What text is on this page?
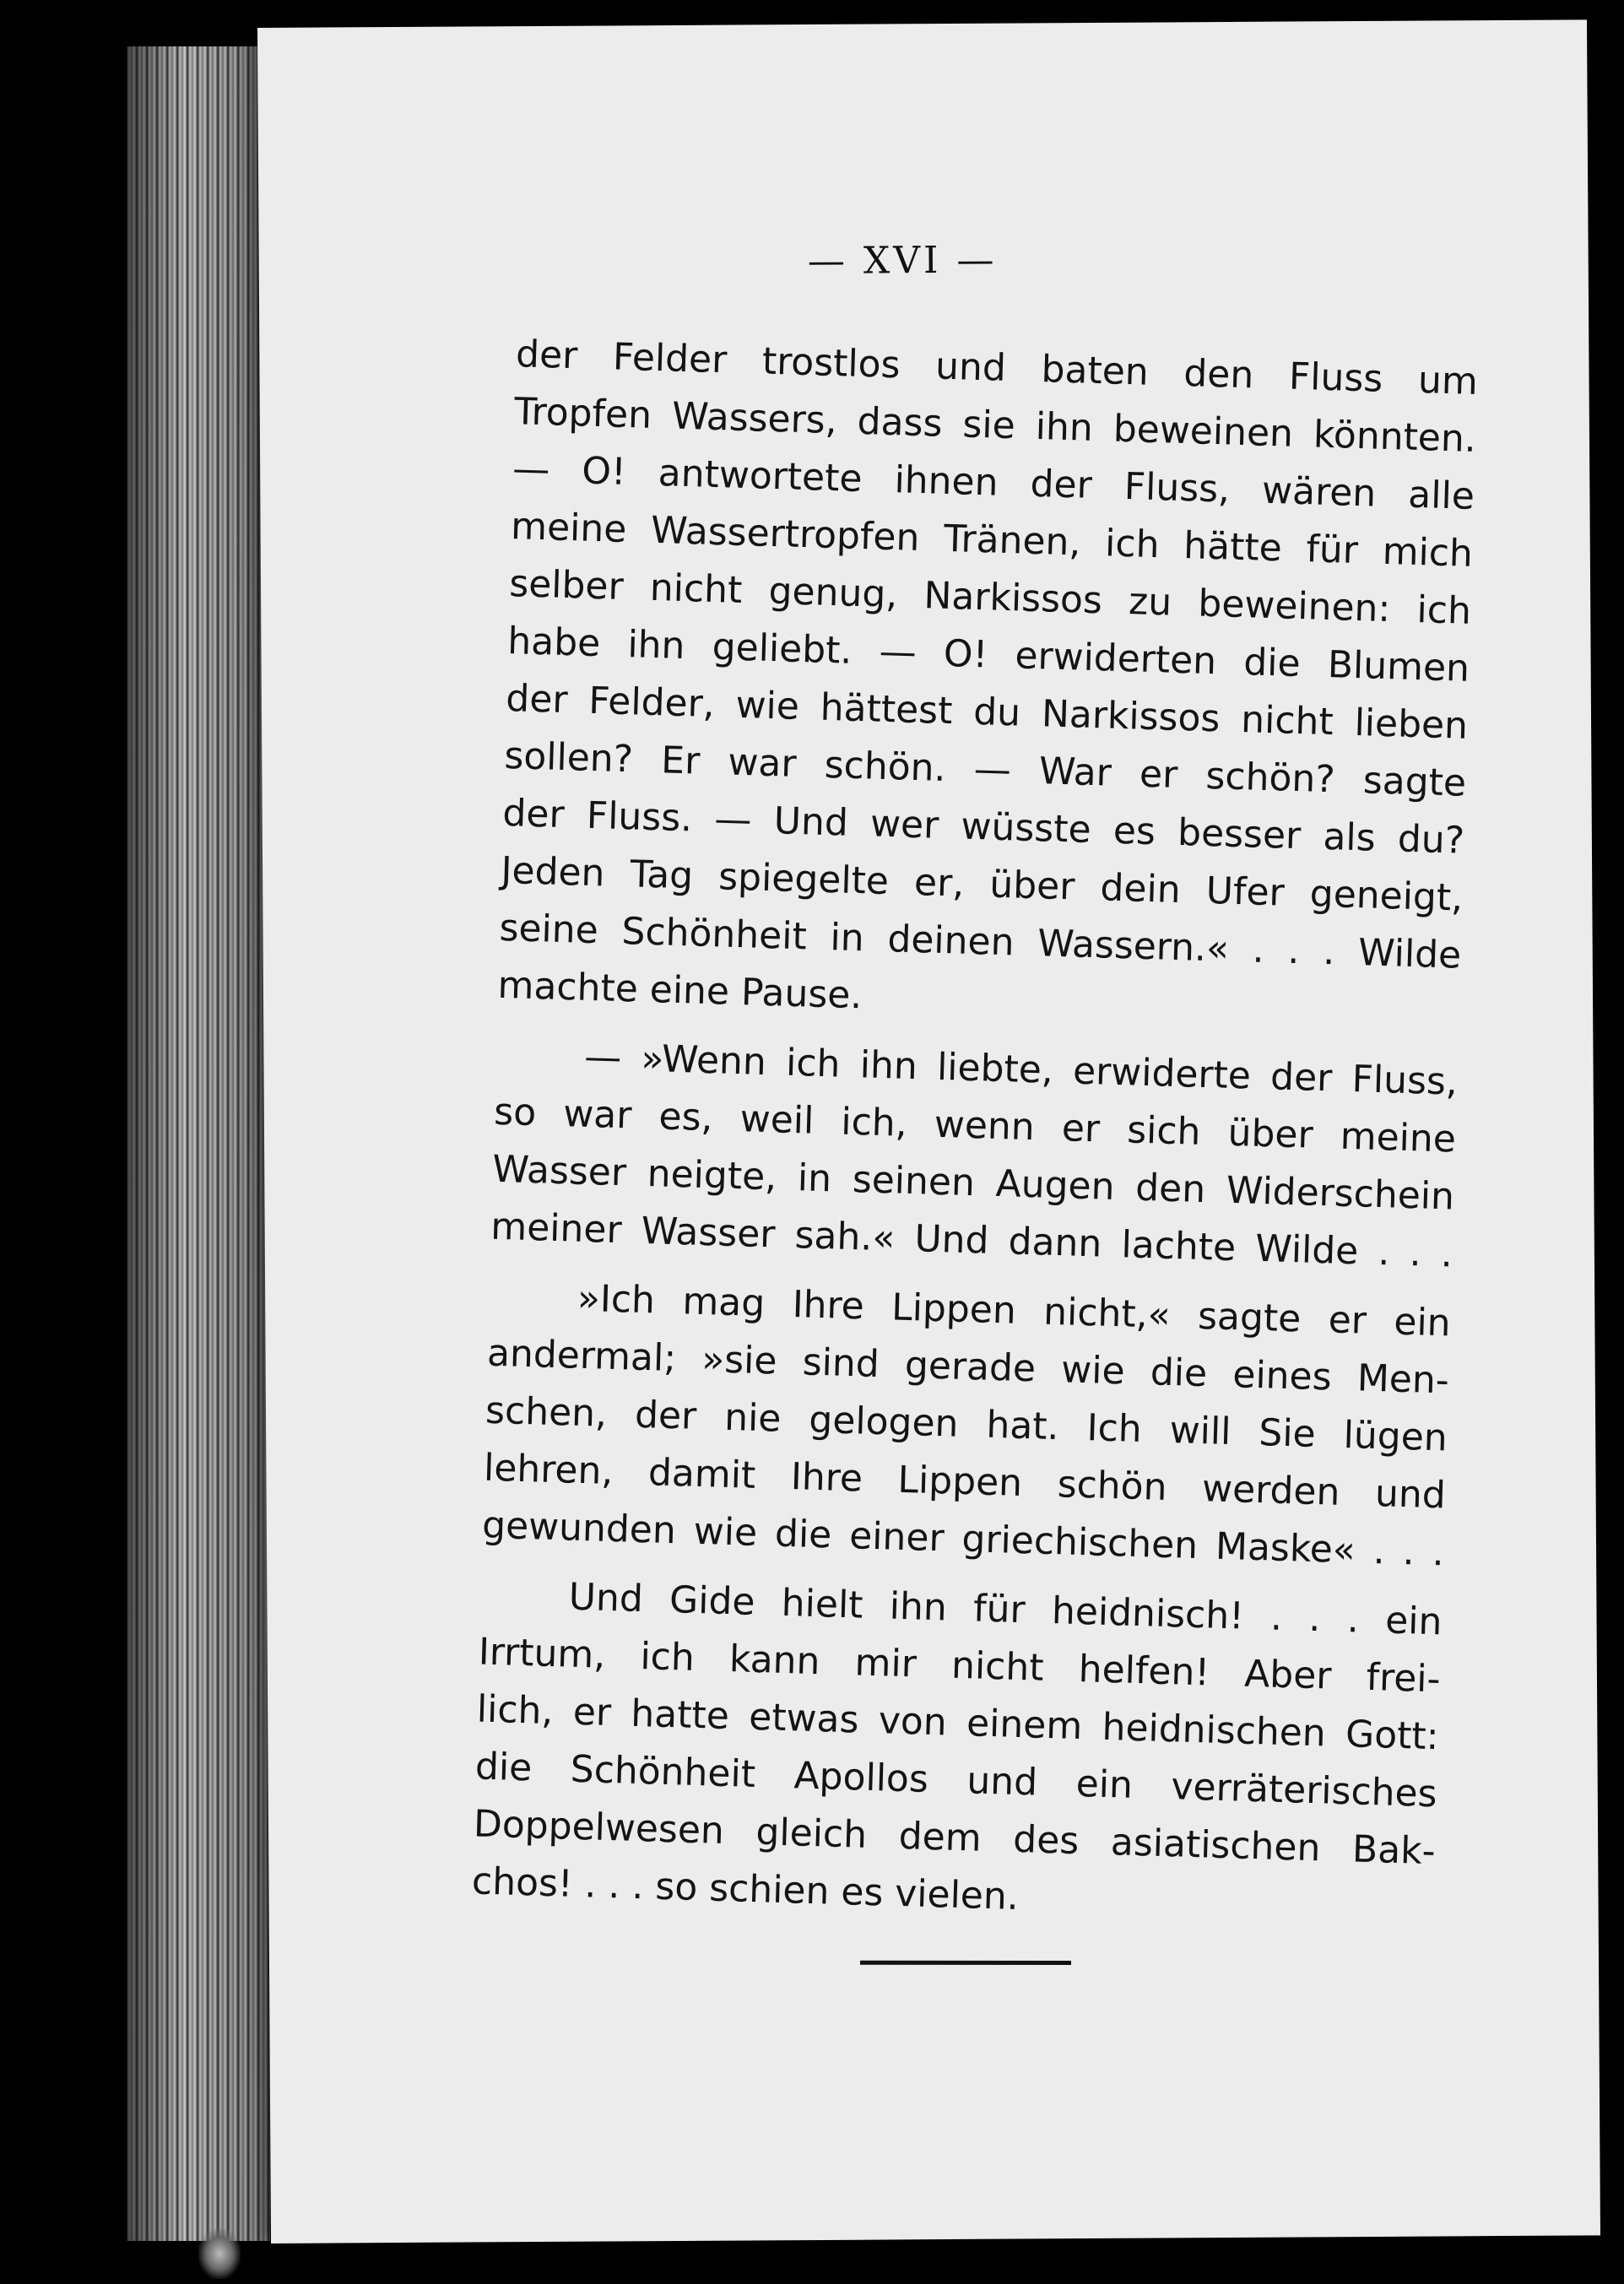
— XVI —
der Felder trostlos und baten den Fluss um
Tropfen Wassers, dass sie ihn beweinen könnten.
— O! antwortete ihnen der Fluss, wären alle
meine Wassertropfen Tränen, ich hätte für mich
selber nicht genug, Narkissos zu beweinen: ich
habe ihn geliebt. — O! erwiderten die Blumen
der Felder, wie hättest du Narkissos nicht lieben
sollen? Er war schön. — War er schön? sagte
der Fluss. — Und wer wüsste es besser als du?
Jeden Tag spiegelte er, über dein Ufer geneigt,
seine Schönheit in deinen Wassern.« . . . Wilde
machte eine Pause.
— »Wenn ich ihn liebte, erwiderte der Fluss,
so war es, weil ich, wenn er sich über meine
Wasser neigte, in seinen Augen den Widerschein
meiner Wasser sah.« Und dann lachte Wilde . . .
»Ich mag Ihre Lippen nicht,« sagte er ein
andermal; »sie sind gerade wie die eines Men-
schen, der nie gelogen hat. Ich will Sie lügen
lehren, damit Ihre Lippen schön werden und
gewunden wie die einer griechischen Maske« . . .
Und Gide hielt ihn für heidnisch! . . . ein
Irrtum, ich kann mir nicht helfen! Aber frei-
lich, er hatte etwas von einem heidnischen Gott:
die Schönheit Apollos und ein verräterisches
Doppelwesen gleich dem des asiatischen Bak-
chos! . . . so schien es vielen.
